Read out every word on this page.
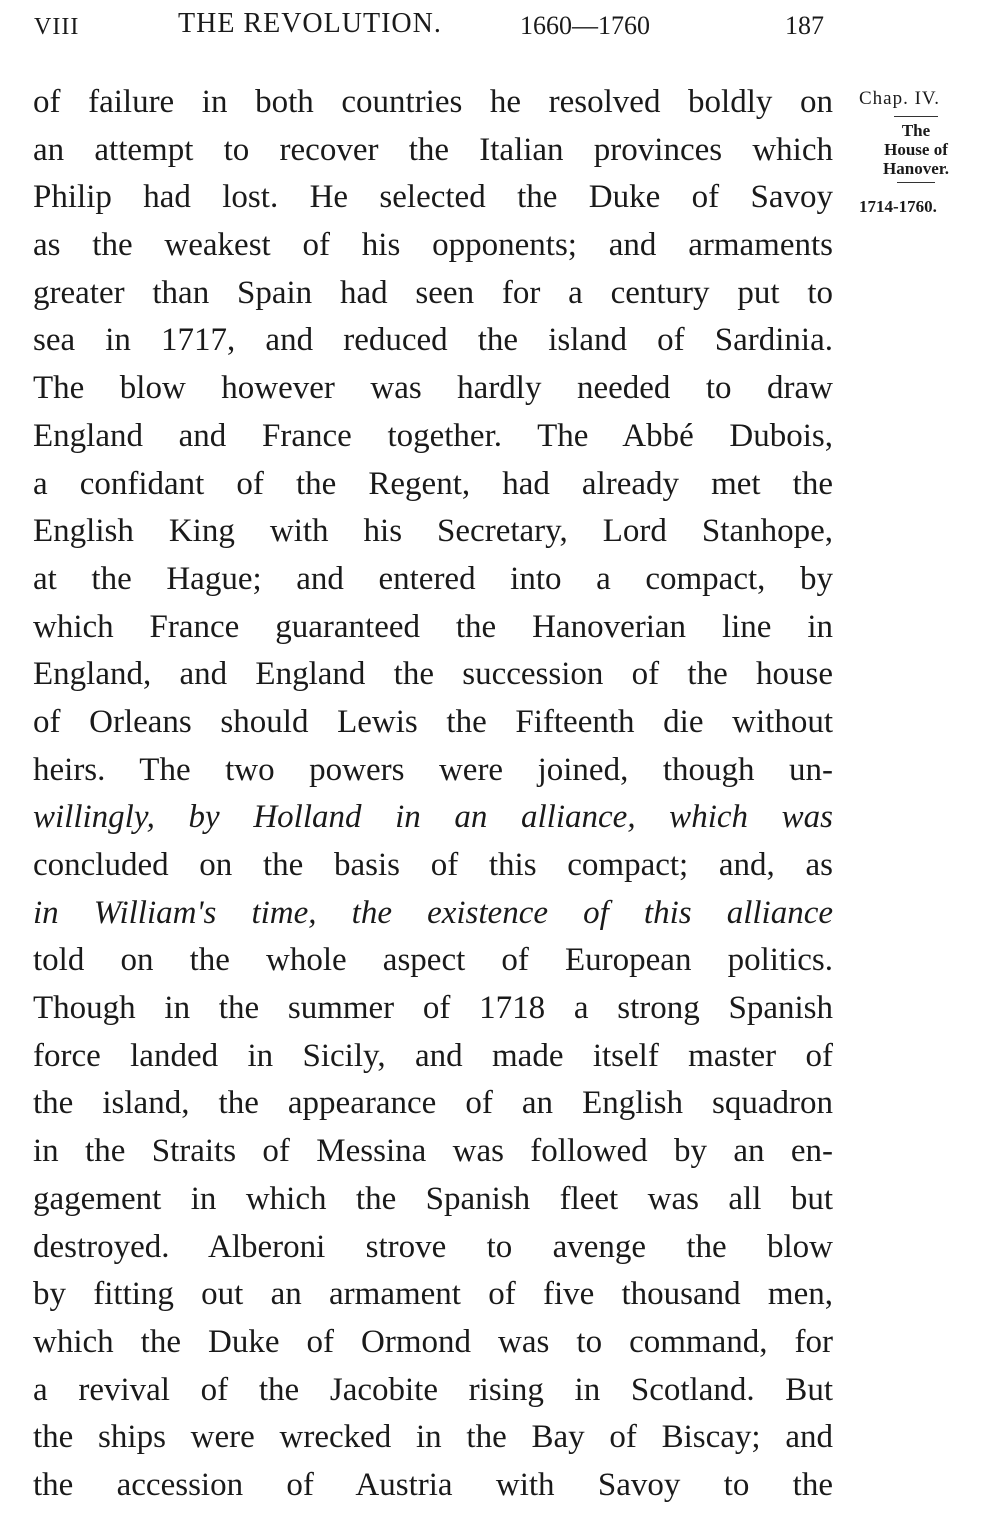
VIII	THE REVOLUTION.	1660—1760	187
of failure in both countries he resolved boldly on
an attempt to recover the Italian provinces which
Philip had lost. He selected the Duke of Savoy
as the weakest of his opponents; and armaments
greater than Spain had seen for a century put to
sea in 1717, and reduced the island of Sardinia.
The blow however was hardly needed to draw
England and France together. The Abbé Dubois,
a confidant of the Regent, had already met the
English King with his Secretary, Lord Stanhope,
at the Hague; and entered into a compact, by
which France guaranteed the Hanoverian line in
England, and England the succession of the house
of Orleans should Lewis the Fifteenth die without
heirs. The two powers were joined, though un-
willingly, by Holland in an alliance, which was
concluded on the basis of this compact; and, as
in William's time, the existence of this alliance
told on the whole aspect of European politics.
Though in the summer of 1718 a strong Spanish
force landed in Sicily, and made itself master of
the island, the appearance of an English squadron
in the Straits of Messina was followed by an en-
gagement in which the Spanish fleet was all but
destroyed. Alberoni strove to avenge the blow
by fitting out an armament of five thousand men,
which the Duke of Ormond was to command, for
a revival of the Jacobite rising in Scotland. But
the ships were wrecked in the Bay of Biscay; and
the accession of Austria with Savoy to the
Chap. IV.
The
House of
Hanover.
1714-1760.
